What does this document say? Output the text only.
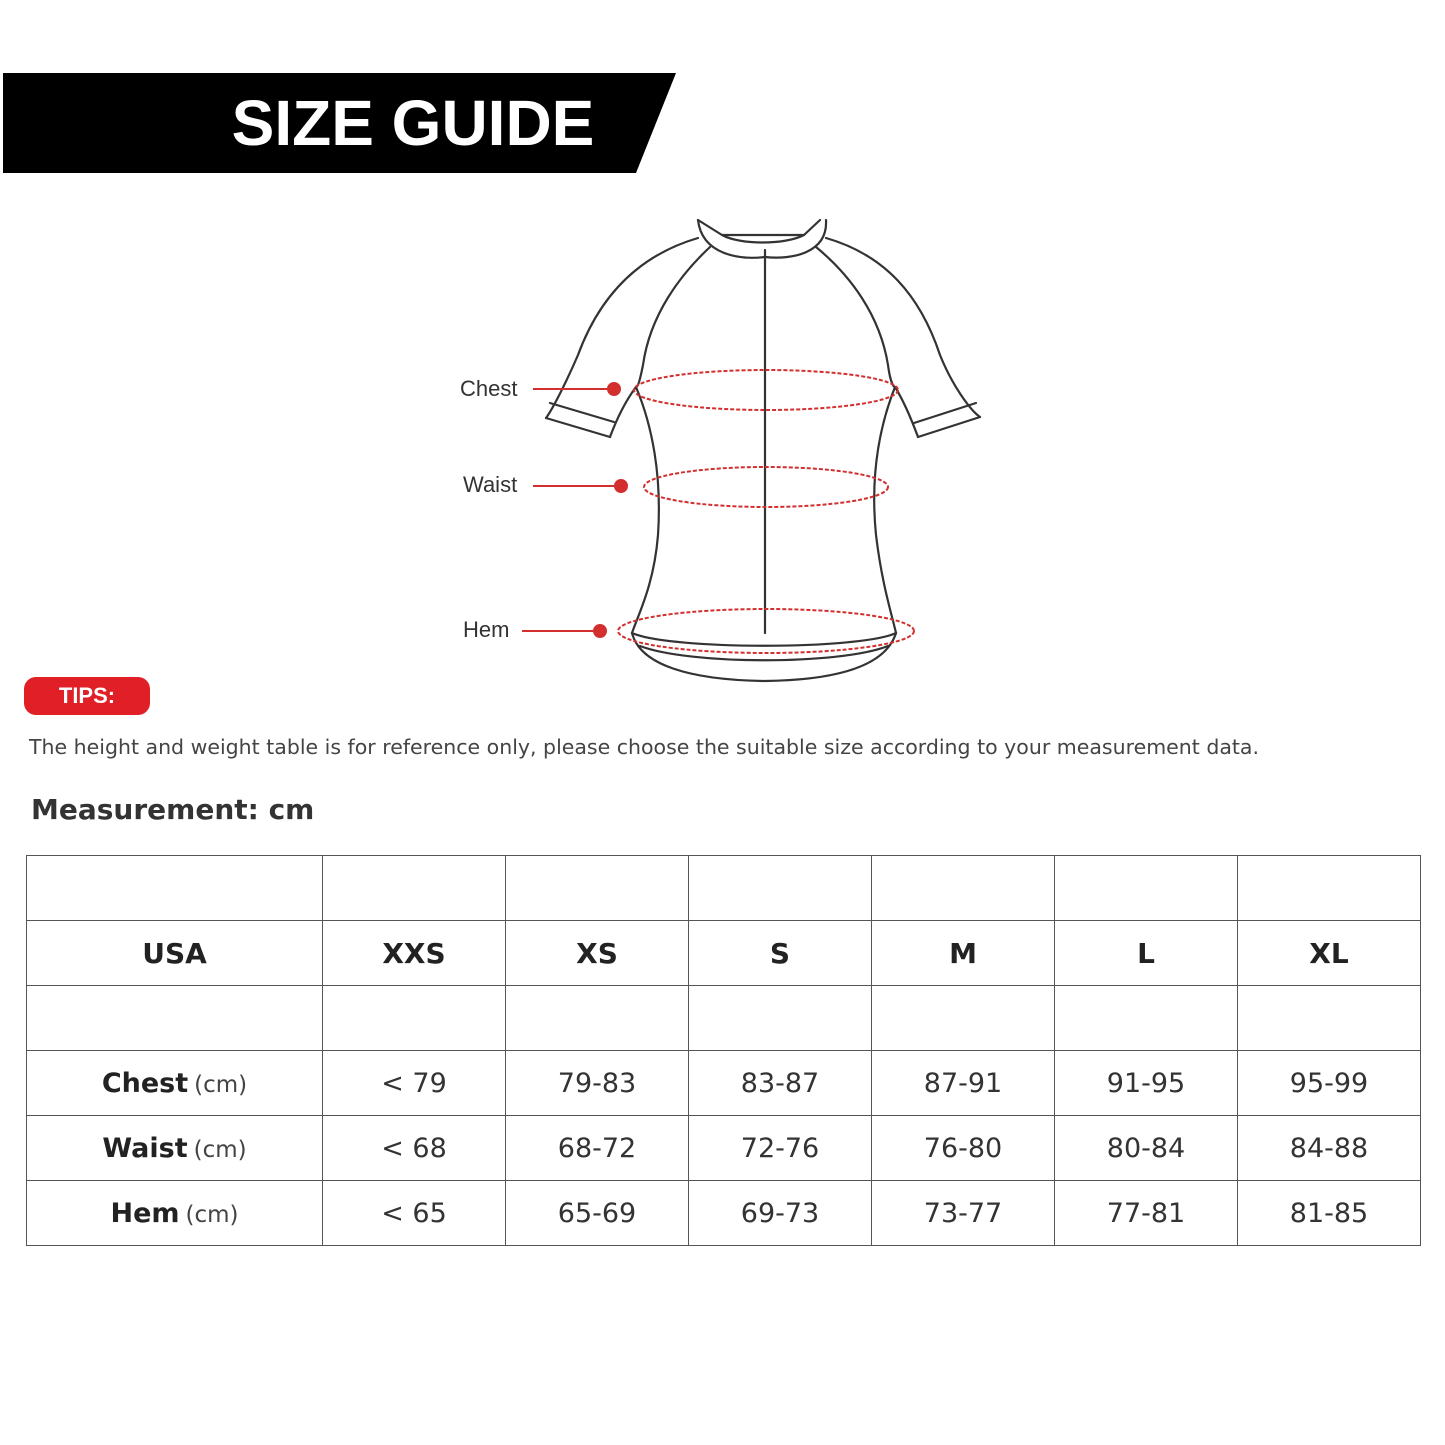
SIZE GUIDE
Chest
Waist
Hem
TIPS:
The height and weight table is for reference only, please choose the suitable size according to your measurement data.
Measurement: cm

USA	XXS	XS	S	M	L	XL

Chest (cm)	< 79	79-83	83-87	87-91	91-95	95-99
Waist (cm)	< 68	68-72	72-76	76-80	80-84	84-88
Hem (cm)	< 65	65-69	69-73	73-77	77-81	81-85
